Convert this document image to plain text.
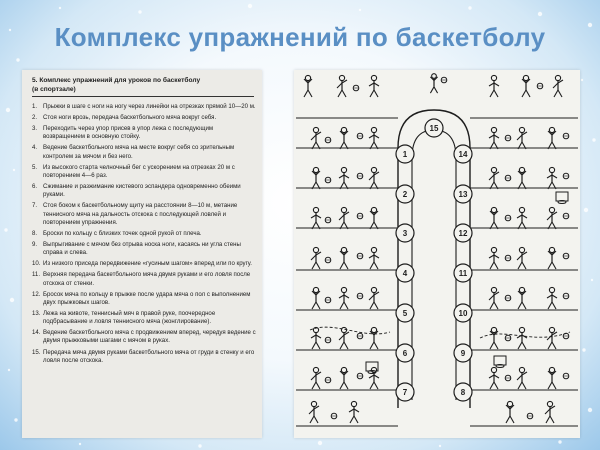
Комплекс упражнений по баскетболу
5. Комплекс упражнений для уроков по баскетболу
(в спортзале)
1. Прыжки в шаге с ноги на ногу через линейки на отрезках прямой 10—20 м.
2. Стоя ноги врозь, передача баскетбольного мяча вокруг себя.
3. Переходить через упор присев в упор лежа с последующим возвращением в основную стойку.
4. Ведение баскетбольного мяча на месте вокруг себя со зрительным контролем за мячом и без него.
5. Из высокого старта челночный бег с ускорением на отрезках 20 м с повторением 4—6 раз.
6. Сжимание и разжимание кистевого эспандера одновременно обеими руками.
7. Стоя боком к баскетбольному щиту на расстоянии 8—10 м, метание теннисного мяча на дальность отскока с последующей ловлей и повторением упражнения.
8. Броски по кольцу с близких точек одной рукой от плеча.
9. Выпрыгивание с мячом без отрыва носка ноги, касаясь ни угла стены справа и слева.
10. Из низкого приседа передвижение «гусиным шагом» вперед или по кругу.
11. Верхняя передача баскетбольного мяча двумя руками и его ловля после отскока от стенки.
12. Бросок мяча по кольцу в прыжке после удара мяча о пол с выполнением двух прыжковых шагов.
13. Лежа на животе, теннисный мяч в правой руке, поочередное подбрасывание и ловля теннисного мяча (жонглирование).
14. Ведение баскетбольного мяча с продвижением вперед, чередуя ведение с двумя прыжковыми шагами с мячом в руках.
15. Передача мяча двумя руками баскетбольного мяча от груди в стенку и его ловля после отскока.
1
2
3
4
5
6
7
14
13
12
11
10
9
8
15
